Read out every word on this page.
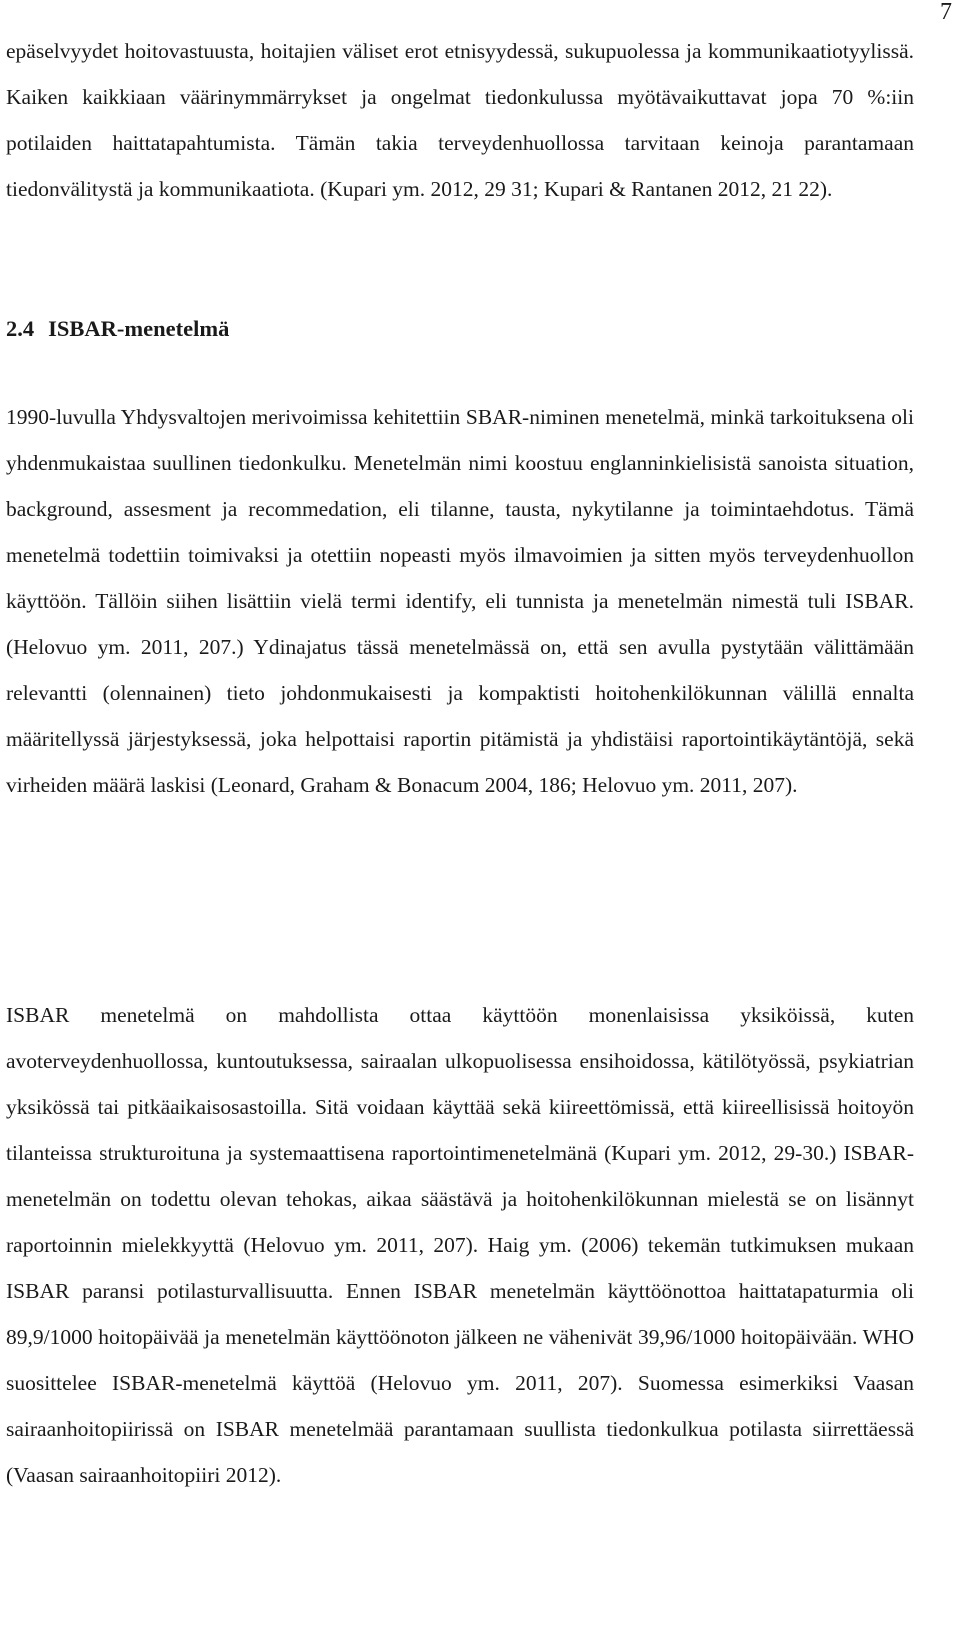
7

epäselvyydet hoitovastuusta, hoitajien väliset erot etnisyydessä, sukupuolessa ja kommunikaatiotyylissä. Kaiken kaikkiaan väärinymmärrykset ja ongelmat tiedonkulussa myötävaikuttavat jopa 70 %:iin potilaiden haittatapahtumista. Tämän takia terveydenhuollossa tarvitaan keinoja parantamaan tiedonvälitystä ja kommunikaatiota. (Kupari ym. 2012, 29 31; Kupari & Rantanen 2012, 21 22).

2.4 ISBAR-menetelmä

1990-luvulla Yhdysvaltojen merivoimissa kehitettiin SBAR-niminen menetelmä, minkä tarkoituksena oli yhdenmukaistaa suullinen tiedonkulku. Menetelmän nimi koostuu englanninkielisistä sanoista situation, background, assesment ja recommedation, eli tilanne, tausta, nykytilanne ja toimintaehdotus. Tämä menetelmä todettiin toimivaksi ja otettiin nopeasti myös ilmavoimien ja sitten myös terveydenhuollon käyttöön. Tällöin siihen lisättiin vielä termi identify, eli tunnista ja menetelmän nimestä tuli ISBAR. (Helovuo ym. 2011, 207.) Ydinajatus tässä menetelmässä on, että sen avulla pystytään välittämään relevantti (olennainen) tieto johdonmukaisesti ja kompaktisti hoitohenkilökunnan välillä ennalta määritellyssä järjestyksessä, joka helpottaisi raportin pitämistä ja yhdistäisi raportointikäytäntöjä, sekä virheiden määrä laskisi (Leonard, Graham & Bonacum 2004, 186; Helovuo ym. 2011, 207).

ISBAR menetelmä on mahdollista ottaa käyttöön monenlaisissa yksiköissä, kuten avoterveydenhuollossa, kuntoutuksessa, sairaalan ulkopuolisessa ensihoidossa, kätilötyössä, psykiatrian yksikössä tai pitkäaikaisosastoilla. Sitä voidaan käyttää sekä kiireettömissä, että kiireellisissä hoitoyön tilanteissa strukturoituna ja systemaattisena raportointimenetelmänä (Kupari ym. 2012, 29-30.) ISBAR-menetelmän on todettu olevan tehokas, aikaa säästävä ja hoitohenkilökunnan mielestä se on lisännyt raportoinnin mielekkyyttä (Helovuo ym. 2011, 207). Haig ym. (2006) tekemän tutkimuksen mukaan ISBAR paransi potilasturvallisuutta. Ennen ISBAR menetelmän käyttöönottoa haittatapaturmia oli 89,9/1000 hoitopäivää ja menetelmän käyttöönoton jälkeen ne vähenivät 39,96/1000 hoitopäivään. WHO suosittelee ISBAR-menetelmä käyttöä (Helovuo ym. 2011, 207). Suomessa esimerkiksi Vaasan sairaanhoitopiirissä on ISBAR menetelmää parantamaan suullista tiedonkulkua potilasta siirrettäessä (Vaasan sairaanhoitopiiri 2012).
